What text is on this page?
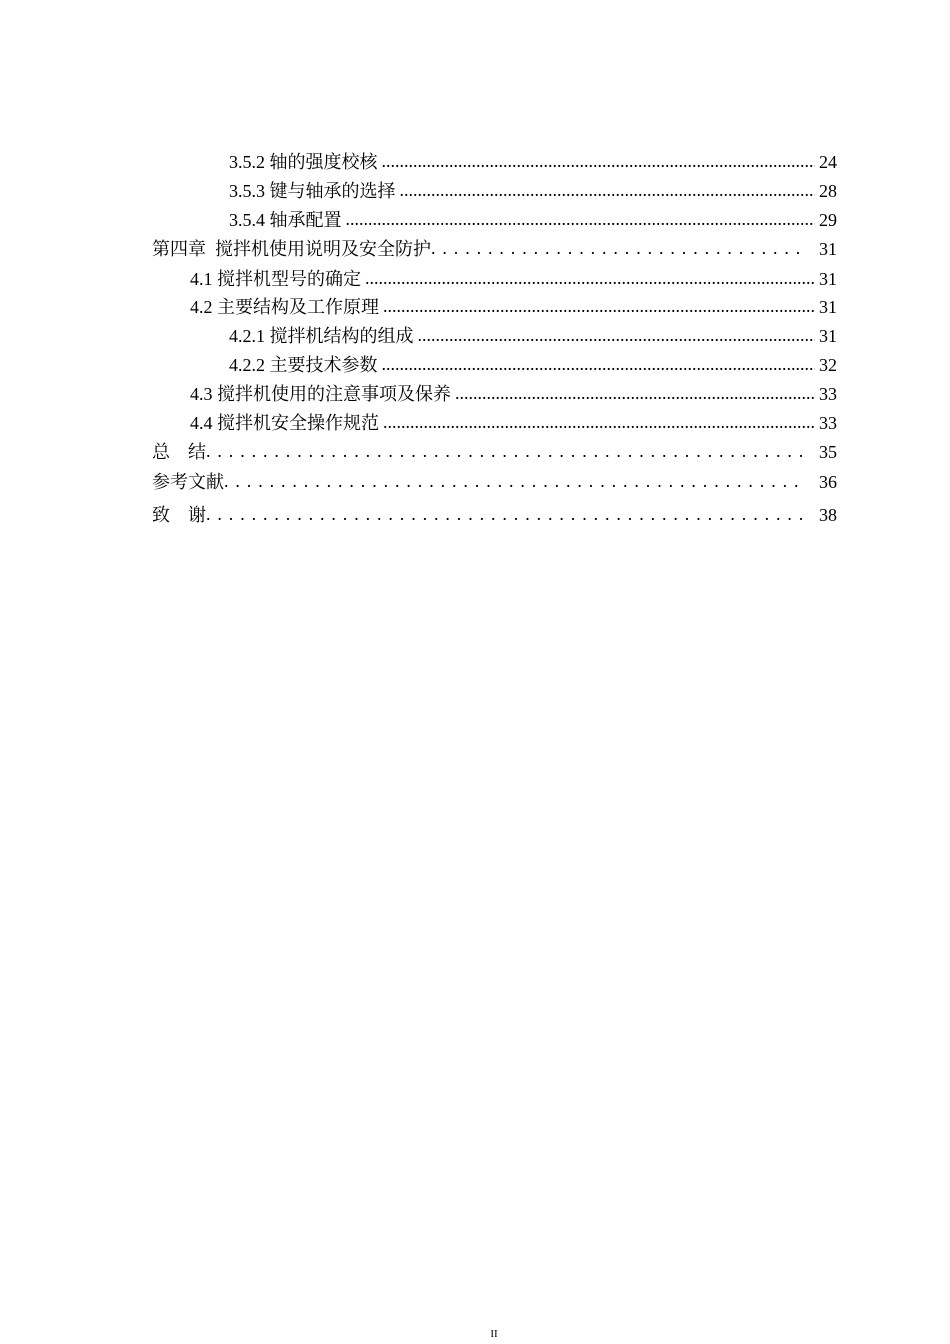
3.5.2 轴的强度校核 .....	24
3.5.3 键与轴承的选择 .....	28
3.5.4 轴承配置 .....	29
第四章  搅拌机使用说明及安全防护 . . .	31
4.1 搅拌机型号的确定 .....	31
4.2 主要结构及工作原理 .....	31
4.2.1 搅拌机结构的组成 .....	31
4.2.2 主要技术参数 .....	32
4.3 搅拌机使用的注意事项及保养 .....	33
4.4 搅拌机安全操作规范 .....	33
总    结 . . .	35
参考文献 . . .	36
致    谢 . . .	38
II
